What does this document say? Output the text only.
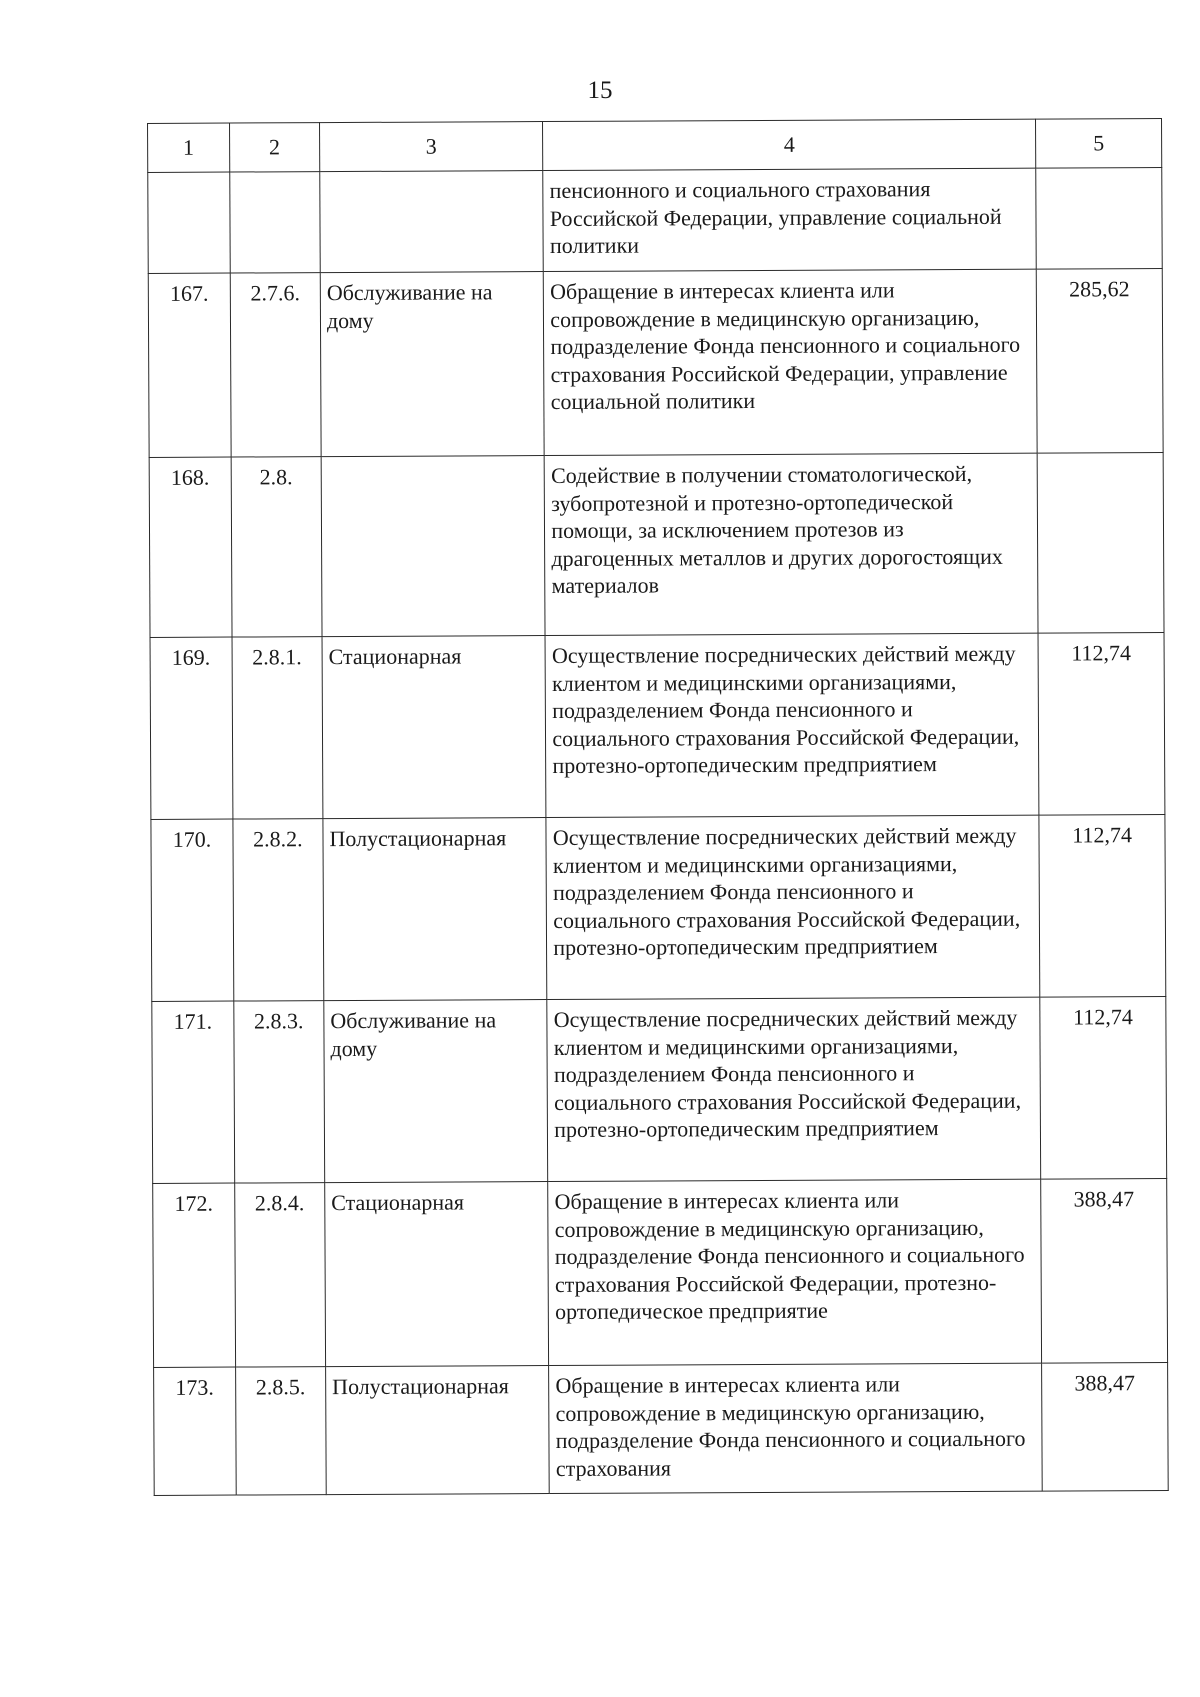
15
1	2	3	4	5
			пенсионного и социального страхования Российской Федерации, управление социальной политики	
167.	2.7.6.	Обслуживание на дому	Обращение в интересах клиента или сопровождение в медицинскую организацию, подразделение Фонда пенсионного и социального страхования Российской Федерации, управление социальной политики	285,62
168.	2.8.		Содействие в получении стоматологической, зубопротезной и протезно-ортопедической помощи, за исключением протезов из драгоценных металлов и других дорогостоящих материалов	
169.	2.8.1.	Стационарная	Осуществление посреднических действий между клиентом и медицинскими организациями, подразделением Фонда пенсионного и социального страхования Российской Федерации, протезно-ортопедическим предприятием	112,74
170.	2.8.2.	Полустационарная	Осуществление посреднических действий между клиентом и медицинскими организациями, подразделением Фонда пенсионного и социального страхования Российской Федерации, протезно-ортопедическим предприятием	112,74
171.	2.8.3.	Обслуживание на дому	Осуществление посреднических действий между клиентом и медицинскими организациями, подразделением Фонда пенсионного и социального страхования Российской Федерации, протезно-ортопедическим предприятием	112,74
172.	2.8.4.	Стационарная	Обращение в интересах клиента или сопровождение в медицинскую организацию, подразделение Фонда пенсионного и социального страхования Российской Федерации, протезно-ортопедическое предприятие	388,47
173.	2.8.5.	Полустационарная	Обращение в интересах клиента или сопровождение в медицинскую организацию, подразделение Фонда пенсионного и социального страхования	388,47
